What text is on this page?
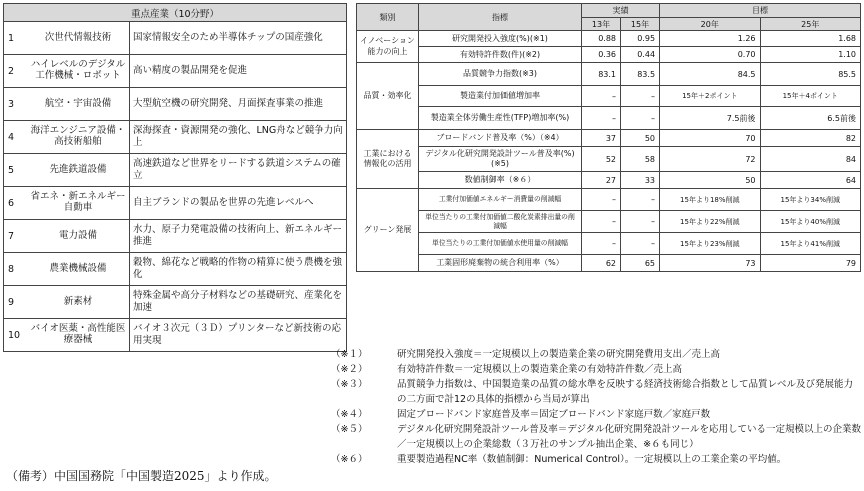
重点産業（10分野）		
1	次世代情報技術	国家情報安全のため半導体チップの国産強化
2	ハイレベルのデジタル工作機械・ロボット	高い精度の製品開発を促進
3	航空・宇宙設備	大型航空機の研究開発、月面探査事業の推進
4	海洋エンジニア設備・高技術船舶	深海探査・資源開発の強化、LNG舟など競争力向上
5	先進鉄道設備	高速鉄道など世界をリードする鉄道システムの確立
6	省エネ・新エネルギー自動車	自主ブランドの製品を世界の先進レベルへ
7	電力設備	水力、原子力発電設備の技術向上、新エネルギー推進
8	農業機械設備	穀物、綿花など戦略的作物の精算に使う農機を強化
9	新素材	特殊金属や高分子材料などの基礎研究、産業化を加速
10	バイオ医薬・高性能医療器械	バイオ３次元（３Ｄ）プリンターなど新技術の応用実現
類別	指標	実績		目標	
		13年	15年	20年	25年
イノベーション能力の向上	研究開発投入強度(%)(※1)	0.88	0.95	1.26	1.68
	有効特許件数(件)(※2)	0.36	0.44	0.70	1.10
品質・効率化	品質競争力指数(※3)	83.1	83.5	84.5	85.5
	製造業付加価値増加率	–	–	15年＋2ポイント	15年＋4ポイント
	製造業全体労働生産性(TFP)増加率(%)	–	–	7.5前後	6.5前後
工業における情報化の活用	ブロードバンド普及率（%）（※4）	37	50	70	82
	デジタル化研究開発設計ツール普及率(%)(※5)	52	58	72	84
	数値制御率（※６）	27	33	50	64
グリーン発展	工業付加価値エネルギー消費量の削減幅	–	–	15年より18%削減	15年より34%削減
	単位当たりの工業付加価値二酸化炭素排出量の削減幅	–	–	15年より22%削減	15年より40%削減
	単位当たりの工業付加価値水使用量の削減幅	–	–	15年より23%削減	15年より41%削減
	工業固形廃棄物の統合利用率（%）	62	65	73	79
（※１）	研究開発投入強度＝一定規模以上の製造業企業の研究開発費用支出／売上高
（※２）	有効特許件数＝一定規模以上の製造業企業の有効特許件数／売上高
（※３）	品質競争力指数は、中国製造業の品質の総水準を反映する経済技術総合指数として品質レベル及び発展能力の二方面で計12の具体的指標から当局が算出
（※４）	固定ブロードバンド家庭普及率＝固定ブロードバンド家庭戸数／家庭戸数
（※５）	デジタル化研究開発設計ツール普及率＝デジタル化研究開発設計ツールを応用している一定規模以上の企業数／一定規模以上の企業総数（３万社のサンプル抽出企業、※６も同じ）
（※６）	重要製造過程NC率（数値制御：Numerical Control）。一定規模以上の工業企業の平均値。
（備考）中国国務院「中国製造2025」より作成。
